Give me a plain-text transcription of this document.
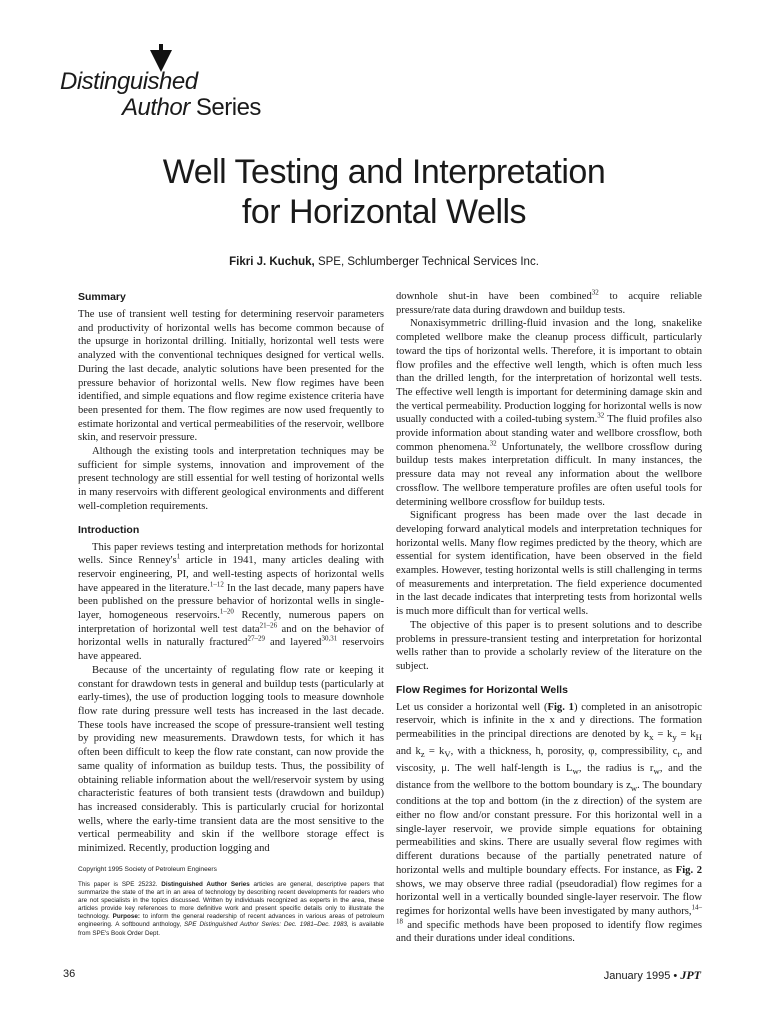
Distinguished
Author Series
Well Testing and Interpretation
for Horizontal Wells
Fikri J. Kuchuk, SPE, Schlumberger Technical Services Inc.
Summary

The use of transient well testing for determining reservoir parameters and productivity of horizontal wells has become common because of the upsurge in horizontal drilling. Initially, horizontal well tests were analyzed with the conventional techniques designed for vertical wells. During the last decade, analytic solutions have been presented for the pressure behavior of horizontal wells. New flow regimes have been identified, and simple equations and flow regime existence criteria have been presented for them. The flow regimes are now used frequently to estimate horizontal and vertical permeabilities of the reservoir, wellbore skin, and reservoir pressure.

Although the existing tools and interpretation techniques may be sufficient for simple systems, innovation and improvement of the present technology are still essential for well testing of horizontal wells in many reservoirs with different geological environments and different well-completion requirements.

Introduction

This paper reviews testing and interpretation methods for horizontal wells. Since $Renney's^1$ article in 1941, many articles dealing with reservoir engineering, PI, and well-testing aspects of horizontal wells have appeared in the literature.$^{1-12}$ In the last decade, many papers have been published on the pressure behavior of horizontal wells in single-layer, homogeneous reservoirs.$^{1-20}$ Recently, numerous papers on interpretation of horizontal well test data$^{21-26}$ and on the behavior of horizontal wells in naturally fractured$^{27-29}$ and layered$^{30,31}$ reservoirs have appeared.

Because of the uncertainty of regulating flow rate or keeping it constant for drawdown tests in general and buildup tests (particularly at early-times), the use of production logging tools to measure downhole flow rate during pressure well tests has increased in the last decade. These tools have increased the scope of pressure-transient well testing by providing new measurements. Drawdown tests, for which it has often been difficult to keep the flow rate constant, can now provide the same quality of information as buildup tests. Thus, the possibility of obtaining reliable information about the well/reservoir system by using characteristic features of both transient tests (drawdown and buildup) has increased considerably. This is particularly crucial for horizontal wells, where the early-time transient data are the most sensitive to the vertical permeability and skin if the wellbore storage effect is minimized. Recently, production logging and

Copyright 1995 Society of Petroleum Engineers
This paper is SPE 25232. Distinguished Author Series articles are general, descriptive papers that summarize the state of the art in an area of technology by describing recent developments for readers who are not specialists in the topics discussed. Written by individuals recognized as experts in the area, these articles provide key references to more definitive work and present specific details only to illustrate the technology. Purpose: to inform the general readership of recent advances in various areas of petroleum engineering. A softbound anthology, SPE Distinguished Author Series: Dec. 1981–Dec. 1983, is available from SPE's Book Order Dept.

downhole shut-in have been combined$^{32}$ to acquire reliable pressure/rate data during drawdown and buildup tests.

Nonaxisymmetric drilling-fluid invasion and the long, snakelike completed wellbore make the cleanup process difficult, particularly toward the tips of horizontal wells. Therefore, it is important to obtain flow profiles and the effective well length, which is often much less than the drilled length, for the interpretation of horizontal well tests. The effective well length is important for determining damage skin and the vertical permeability. Production logging for horizontal wells is now usually conducted with a coiled-tubing system.$^{32}$ The fluid profiles also provide information about standing water and wellbore crossflow, both common phenomena.$^{32}$ Unfortunately, the wellbore crossflow during buildup tests makes interpretation difficult. In many instances, the pressure data may not reveal any information about the wellbore crossflow. The wellbore temperature profiles are often useful tools for determining wellbore crossflow for buildup tests.

Significant progress has been made over the last decade in developing forward analytical models and interpretation techniques for horizontal wells. Many flow regimes predicted by the theory, which are essential for system identification, have been observed in the field examples. However, testing horizontal wells is still challenging in terms of measurements and interpretation. The field experience documented in the last decade indicates that interpreting tests from horizontal wells is much more difficult than for vertical wells.

The objective of this paper is to present solutions and to describe problems in pressure-transient testing and interpretation for horizontal wells rather than to provide a scholarly review of the literature on the subject.

Flow Regimes for Horizontal Wells

Let us consider a horizontal well (Fig. 1) completed in an anisotropic reservoir, which is infinite in the x and y directions. The formation permeabilities in the principal directions are denoted by $k_x = k_y = k_H$ and $k_z = k_V$, with a thickness, h, porosity, φ, compressibility, $c_t$, and viscosity, μ. The well half-length is $L_w$, the radius is $r_w$, and the distance from the wellbore to the bottom boundary is $z_w$. The boundary conditions at the top and bottom (in the z direction) of the system are either no flow and/or constant pressure. For this horizontal well in a single-layer reservoir, we provide simple equations for obtaining permeabilities and skins. There are usually several flow regimes with different durations because of the partially penetrated nature of horizontal wells and multiple boundary effects. For instance, as Fig. 2 shows, we may observe three radial (pseudoradial) flow regimes for a horizontal well in a vertically bounded single-layer reservoir. The flow regimes for horizontal wells have been investigated by many authors,$^{14-18}$ and specific methods have been proposed to identify flow regimes and their durations under ideal conditions.

36	January 1995 • JPT
